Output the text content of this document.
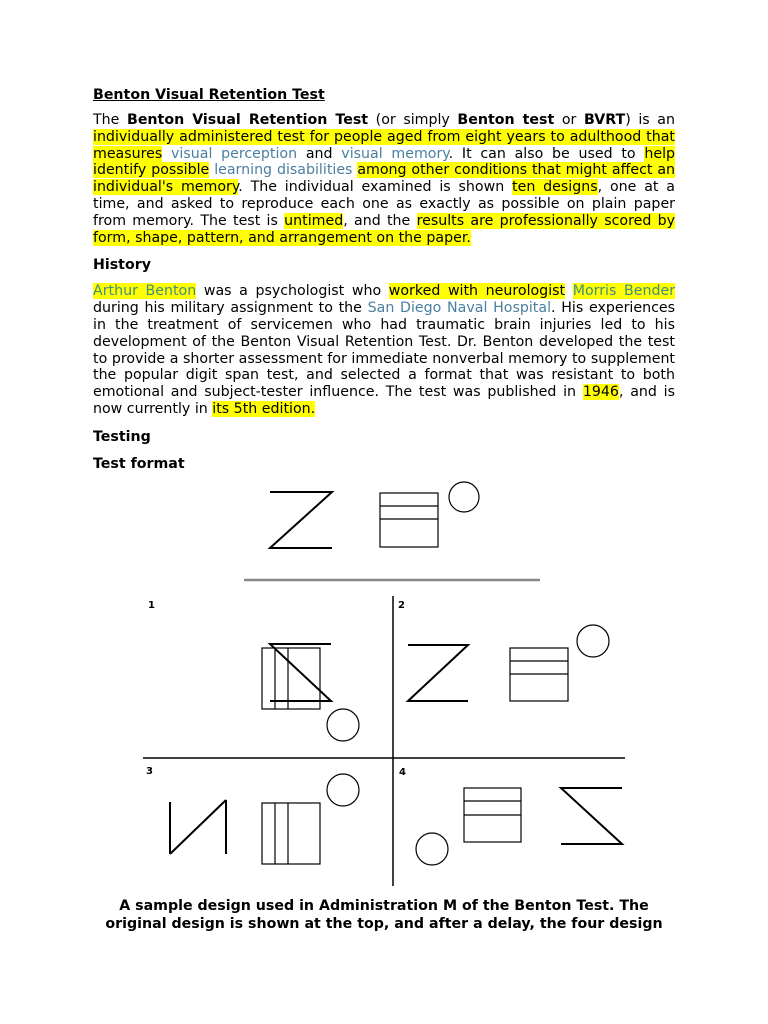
Benton Visual Retention Test

The Benton Visual Retention Test (or simply Benton test or BVRT) is an individually administered test for people aged from eight years to adulthood that measures visual perception and visual memory. It can also be used to help identify possible learning disabilities among other conditions that might affect an individual's memory. The individual examined is shown ten designs, one at a time, and asked to reproduce each one as exactly as possible on plain paper from memory. The test is untimed, and the results are professionally scored by form, shape, pattern, and arrangement on the paper.

History

Arthur Benton was a psychologist who worked with neurologist Morris Bender during his military assignment to the San Diego Naval Hospital. His experiences in the treatment of servicemen who had traumatic brain injuries led to his development of the Benton Visual Retention Test. Dr. Benton developed the test to provide a shorter assessment for immediate nonverbal memory to supplement the popular digit span test, and selected a format that was resistant to both emotional and subject-tester influence. The test was published in 1946, and is now currently in its 5th edition.

Testing
Test format
1	2
3	4
A sample design used in Administration M of the Benton Test. The original design is shown at the top, and after a delay, the four design
